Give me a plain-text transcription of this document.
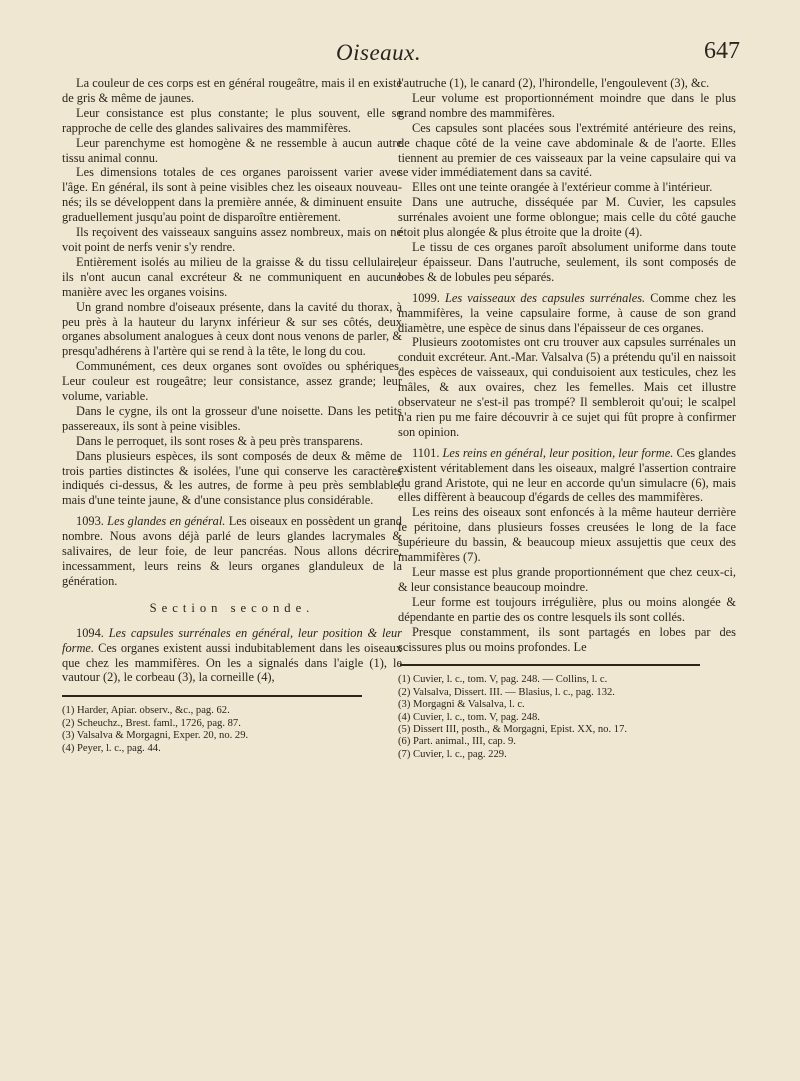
Oiseaux.	647

La couleur de ces corps est en général rougeâtre, mais il en existe de gris & même de jaunes.

Leur consistance est plus constante; le plus souvent, elle se rapproche de celle des glandes salivaires des mammifères.

Leur parenchyme est homogène & ne ressemble à aucun autre tissu animal connu.

Les dimensions totales de ces organes paroissent varier avec l'âge. En général, ils sont à peine visibles chez les oiseaux nouveau-nés; ils se développent dans la première année, & diminuent ensuite graduellement jusqu'au point de disparoître entièrement.

Ils reçoivent des vaisseaux sanguins assez nombreux, mais on ne voit point de nerfs venir s'y rendre.

Entièrement isolés au milieu de la graisse & du tissu cellulaire, ils n'ont aucun canal excréteur & ne communiquent en aucune manière avec les organes voisins.

Un grand nombre d'oiseaux présente, dans la cavité du thorax, à peu près à la hauteur du larynx inférieur & sur ses côtés, deux organes absolument analogues à ceux dont nous venons de parler, & presqu'adhérens à l'artère qui se rend à la tête, le long du cou.

Communément, ces deux organes sont ovoïdes ou sphériques. Leur couleur est rougeâtre; leur consistance, assez grande; leur volume, variable.

Dans le cygne, ils ont la grosseur d'une noisette. Dans les petits passereaux, ils sont à peine visibles.

Dans le perroquet, ils sont roses & à peu près transparens.

Dans plusieurs espèces, ils sont composés de deux & même de trois parties distinctes & isolées, l'une qui conserve les caractères indiqués ci-dessus, & les autres, de forme à peu près semblable, mais d'une teinte jaune, & d'une consistance plus considérable.

1093. Les glandes en général. Les oiseaux en possèdent un grand nombre. Nous avons déjà parlé de leurs glandes lacrymales & salivaires, de leur foie, de leur pancréas. Nous allons décrire, incessamment, leurs reins & leurs organes glanduleux de la génération.

Section seconde.

1094. Les capsules surrénales en général, leur position & leur forme. Ces organes existent aussi indubitablement dans les oiseaux que chez les mammifères. On les a signalés dans l'aigle (1), le vautour (2), le corbeau (3), la corneille (4),

(1) Harder, Apiar. observ., &c., pag. 62.
(2) Scheuchz., Brest. faml., 1726, pag. 87.
(3) Valsalva & Morgagni, Exper. 20, no. 29.
(4) Peyer, l. c., pag. 44.

l'autruche (1), le canard (2), l'hirondelle, l'engoulevent (3), &c.

Leur volume est proportionnément moindre que dans le plus grand nombre des mammifères.

Ces capsules sont placées sous l'extrémité antérieure des reins, de chaque côté de la veine cave abdominale & de l'aorte. Elles tiennent au premier de ces vaisseaux par la veine capsulaire qui va se vider immédiatement dans sa cavité.

Elles ont une teinte orangée à l'extérieur comme à l'intérieur.

Dans une autruche, disséquée par M. Cuvier, les capsules surrénales avoient une forme oblongue; mais celle du côté gauche étoit plus alongée & plus étroite que la droite (4).

Le tissu de ces organes paroît absolument uniforme dans toute leur épaisseur. Dans l'autruche, seulement, ils sont composés de lobes & de lobules peu séparés.

1099. Les vaisseaux des capsules surrénales. Comme chez les mammifères, la veine capsulaire forme, à cause de son grand diamètre, une espèce de sinus dans l'épaisseur de ces organes.

Plusieurs zootomistes ont cru trouver aux capsules surrénales un conduit excréteur. Ant.-Mar. Valsalva (5) a prétendu qu'il en naissoit des espèces de vaisseaux, qui conduisoient aux testicules, chez les mâles, & aux ovaires, chez les femelles. Mais cet illustre observateur ne s'est-il pas trompé? Il sembleroit qu'oui; le scalpel n'a rien pu me faire découvrir à ce sujet qui fût propre à confirmer son opinion.

1101. Les reins en général, leur position, leur forme. Ces glandes existent véritablement dans les oiseaux, malgré l'assertion contraire du grand Aristote, qui ne leur en accorde qu'un simulacre (6), mais elles diffèrent à beaucoup d'égards de celles des mammifères.

Les reins des oiseaux sont enfoncés à la même hauteur derrière le péritoine, dans plusieurs fosses creusées le long de la face supérieure du bassin, & beaucoup mieux assujettis que ceux des mammifères (7).

Leur masse est plus grande proportionnément que chez ceux-ci, & leur consistance beaucoup moindre.

Leur forme est toujours irrégulière, plus ou moins alongée & dépendante en partie des os contre lesquels ils sont collés.

Presque constamment, ils sont partagés en lobes par des scissures plus ou moins profondes. Le

(1) Cuvier, l. c., tom. V, pag. 248. — Collins, l. c.
(2) Valsalva, Dissert. III. — Blasius, l. c., pag. 132.
(3) Morgagni & Valsalva, l. c.
(4) Cuvier, l. c., tom. V, pag. 248.
(5) Dissert III, posth., & Morgagni, Epist. XX, no. 17.
(6) Part. animal., III, cap. 9.
(7) Cuvier, l. c., pag. 229.
